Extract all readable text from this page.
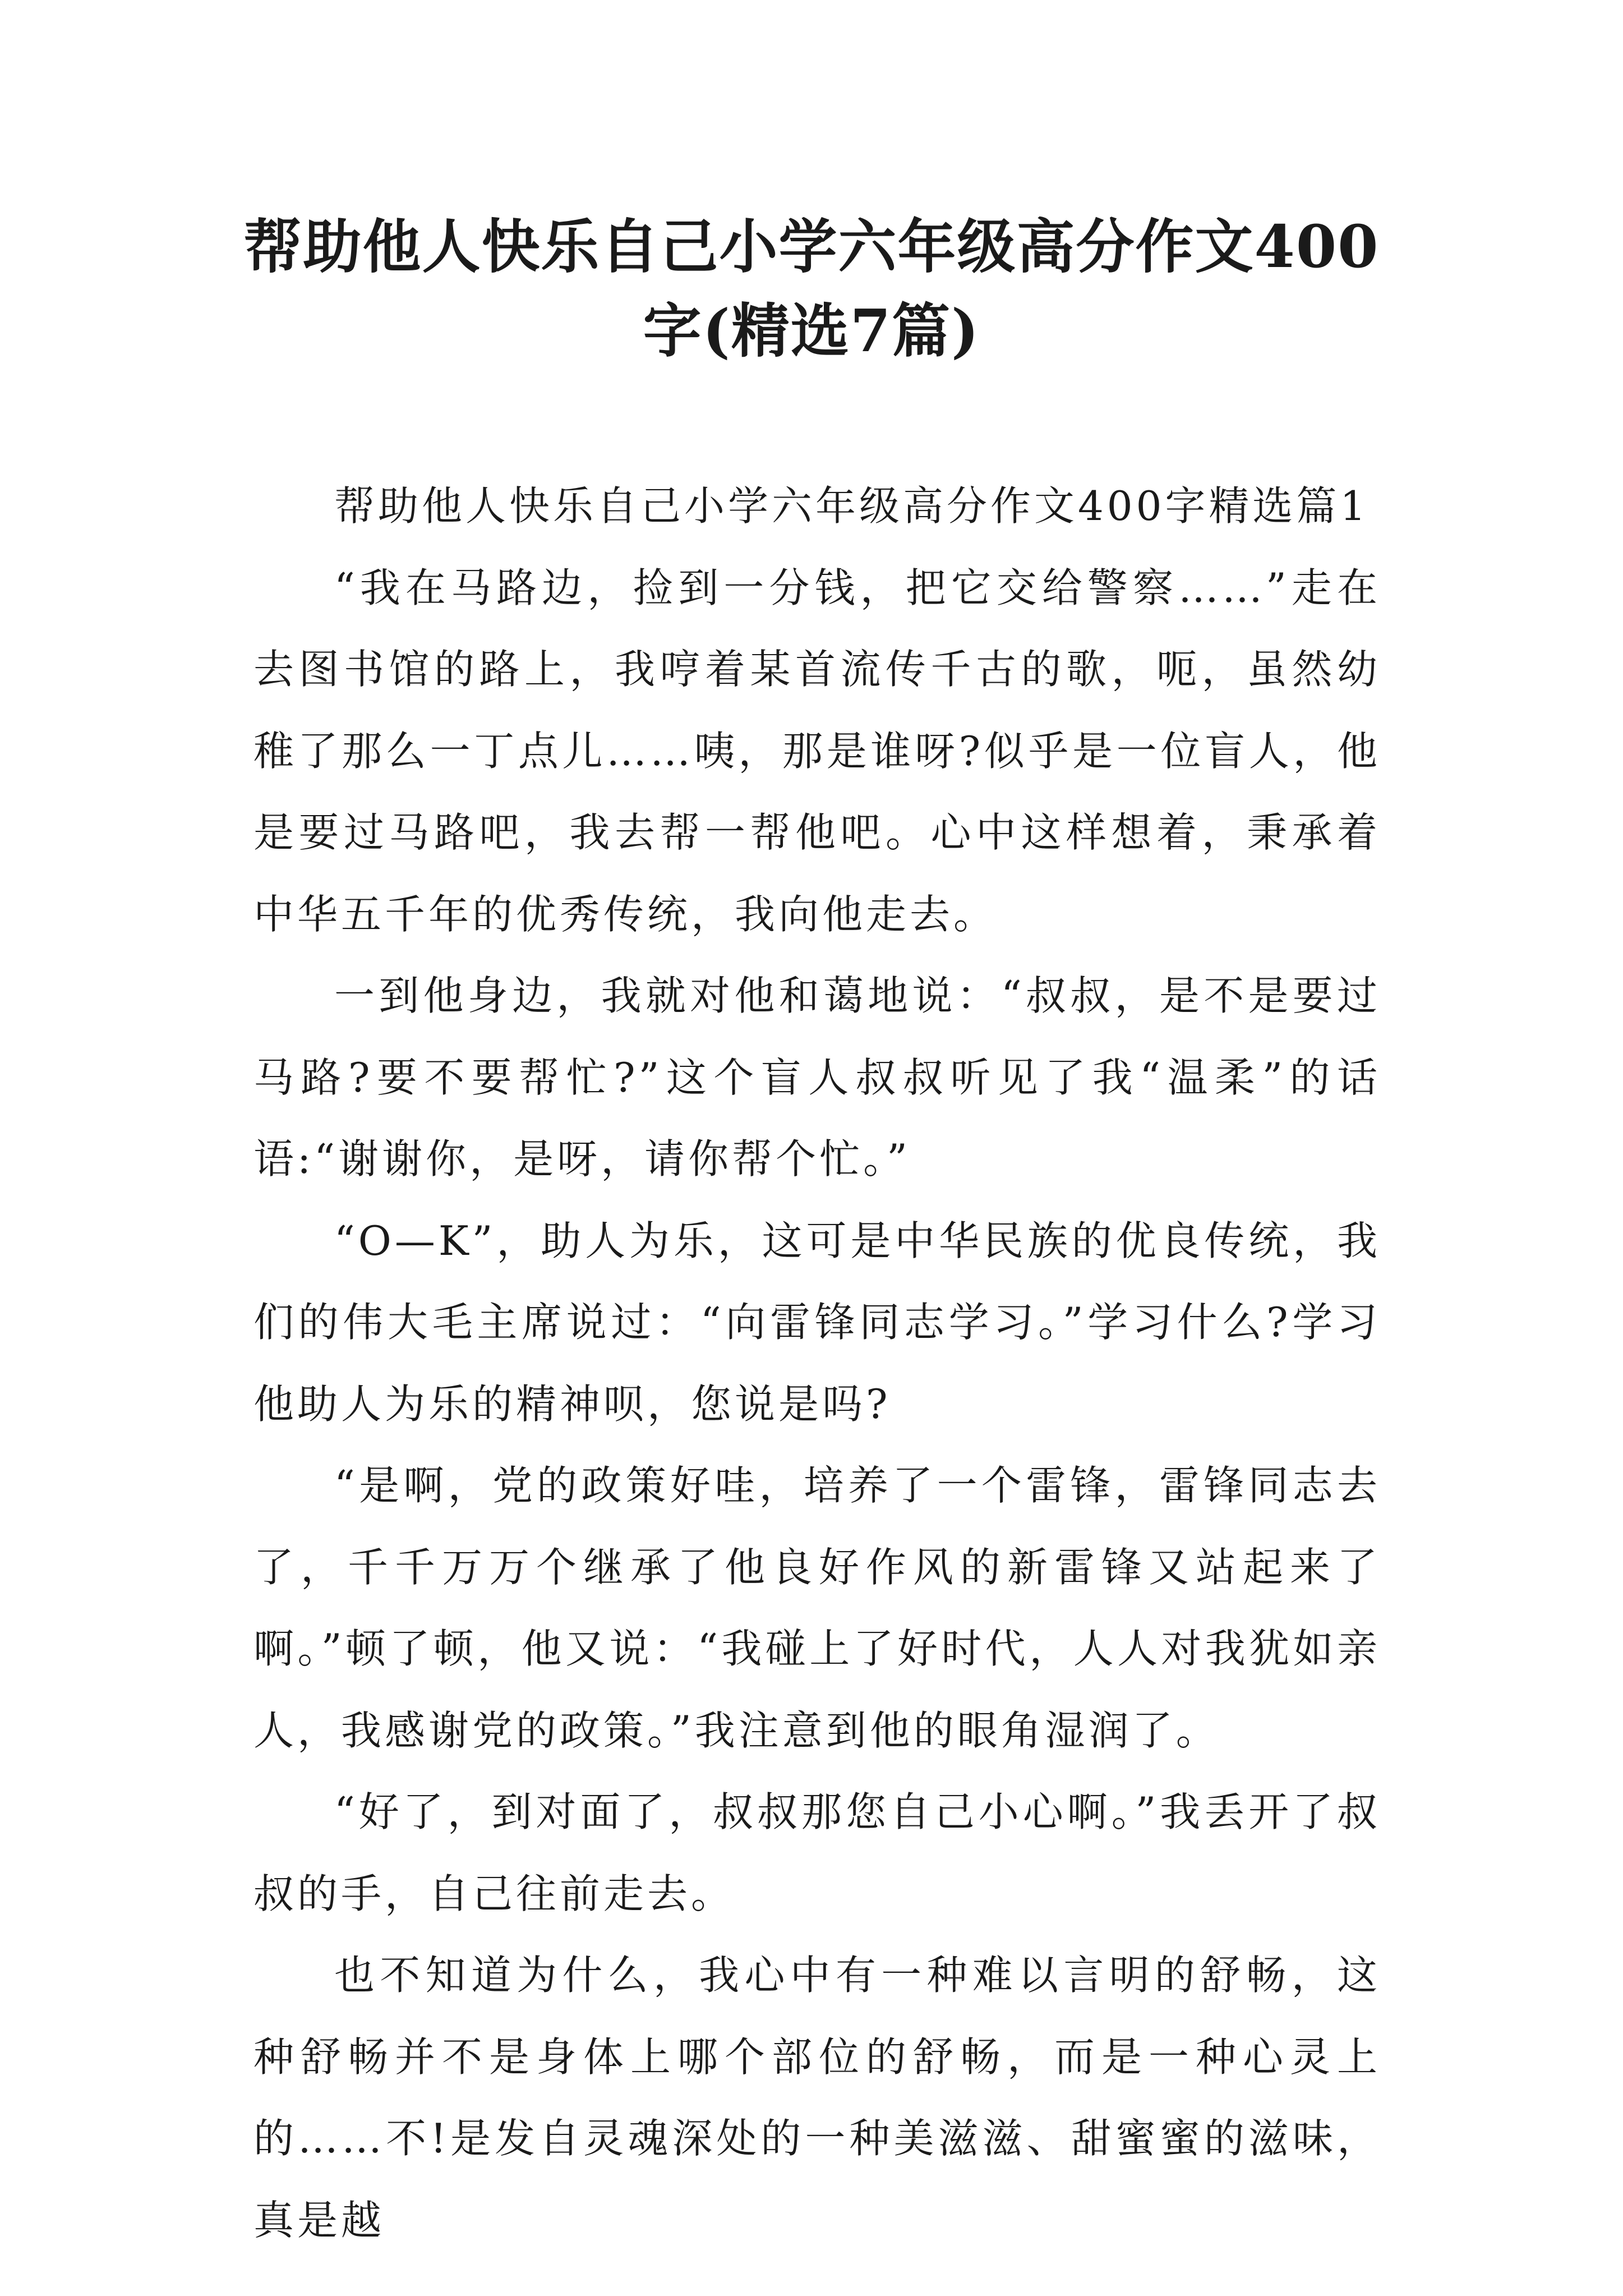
帮助他人快乐自己小学六年级高分作文400
字(精选7篇)

帮助他人快乐自己小学六年级高分作文400字精选篇1

“我在马路边，捡到一分钱，把它交给警察……”走在去图书馆的路上，我哼着某首流传千古的歌，呃，虽然幼稚了那么一丁点儿……咦，那是谁呀?似乎是一位盲人，他是要过马路吧，我去帮一帮他吧。心中这样想着，秉承着中华五千年的优秀传统，我向他走去。

一到他身边，我就对他和蔼地说：“叔叔，是不是要过马路?要不要帮忙?”这个盲人叔叔听见了我“温柔”的话语:“谢谢你，是呀，请你帮个忙。”

“O—K”，助人为乐，这可是中华民族的优良传统，我们的伟大毛主席说过：“向雷锋同志学习。”学习什么?学习他助人为乐的精神呗，您说是吗?

“是啊，党的政策好哇，培养了一个雷锋，雷锋同志去了，千千万万个继承了他良好作风的新雷锋又站起来了啊。”顿了顿，他又说：“我碰上了好时代，人人对我犹如亲人，我感谢党的政策。”我注意到他的眼角湿润了。

“好了，到对面了，叔叔那您自己小心啊。”我丢开了叔叔的手，自己往前走去。

也不知道为什么，我心中有一种难以言明的舒畅，这种舒畅并不是身体上哪个部位的舒畅，而是一种心灵上的……不!是发自灵魂深处的一种美滋滋、甜蜜蜜的滋味，真是越
